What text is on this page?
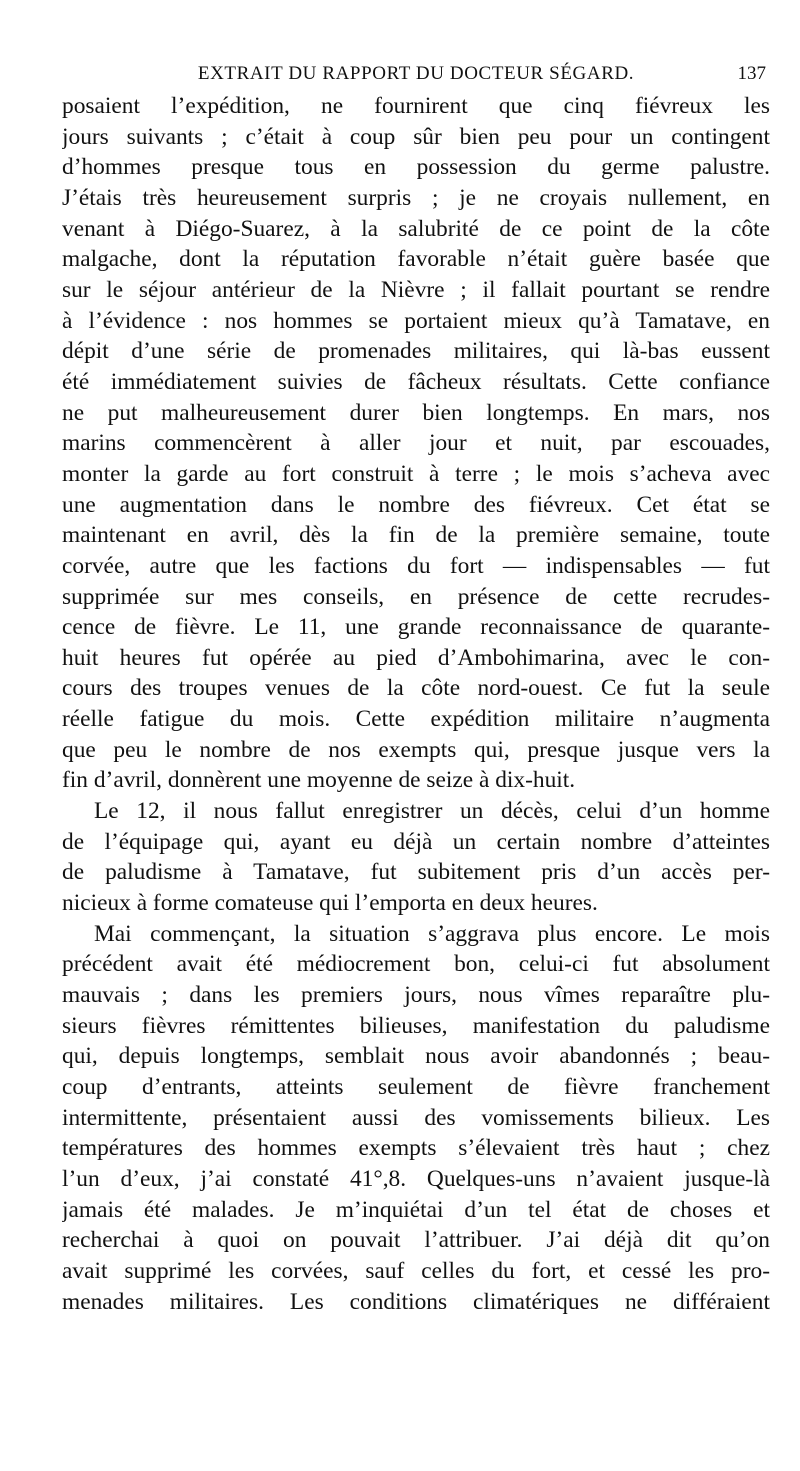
EXTRAIT DU RAPPORT DU DOCTEUR SÉGARD.	137
posaient l’expédition, ne fournirent que cinq fiévreux les
jours suivants ; c’était à coup sûr bien peu pour un contingent
d’hommes presque tous en possession du germe palustre.
J’étais très heureusement surpris ; je ne croyais nullement, en
venant à Diégo-Suarez, à la salubrité de ce point de la côte
malgache, dont la réputation favorable n’était guère basée que
sur le séjour antérieur de la Nièvre ; il fallait pourtant se rendre
à l’évidence : nos hommes se portaient mieux qu’à Tamatave, en
dépit d’une série de promenades militaires, qui là-bas eussent
été immédiatement suivies de fâcheux résultats. Cette confiance
ne put malheureusement durer bien longtemps. En mars, nos
marins commencèrent à aller jour et nuit, par escouades,
monter la garde au fort construit à terre ; le mois s’acheva avec
une augmentation dans le nombre des fiévreux. Cet état se
maintenant en avril, dès la fin de la première semaine, toute
corvée, autre que les factions du fort — indispensables — fut
supprimée sur mes conseils, en présence de cette recrudes-
cence de fièvre. Le 11, une grande reconnaissance de quarante-
huit heures fut opérée au pied d’Ambohimarina, avec le con-
cours des troupes venues de la côte nord-ouest. Ce fut la seule
réelle fatigue du mois. Cette expédition militaire n’augmenta
que peu le nombre de nos exempts qui, presque jusque vers la
fin d’avril, donnèrent une moyenne de seize à dix-huit.
Le 12, il nous fallut enregistrer un décès, celui d’un homme
de l’équipage qui, ayant eu déjà un certain nombre d’atteintes
de paludisme à Tamatave, fut subitement pris d’un accès per-
nicieux à forme comateuse qui l’emporta en deux heures.
Mai commençant, la situation s’aggrava plus encore. Le mois
précédent avait été médiocrement bon, celui-ci fut absolument
mauvais ; dans les premiers jours, nous vîmes reparaître plu-
sieurs fièvres rémittentes bilieuses, manifestation du paludisme
qui, depuis longtemps, semblait nous avoir abandonnés ; beau-
coup d’entrants, atteints seulement de fièvre franchement
intermittente, présentaient aussi des vomissements bilieux. Les
températures des hommes exempts s’élevaient très haut ; chez
l’un d’eux, j’ai constaté 41°,8. Quelques-uns n’avaient jusque-là
jamais été malades. Je m’inquiétai d’un tel état de choses et
recherchai à quoi on pouvait l’attribuer. J’ai déjà dit qu’on
avait supprimé les corvées, sauf celles du fort, et cessé les pro-
menades militaires. Les conditions climatériques ne différaient
